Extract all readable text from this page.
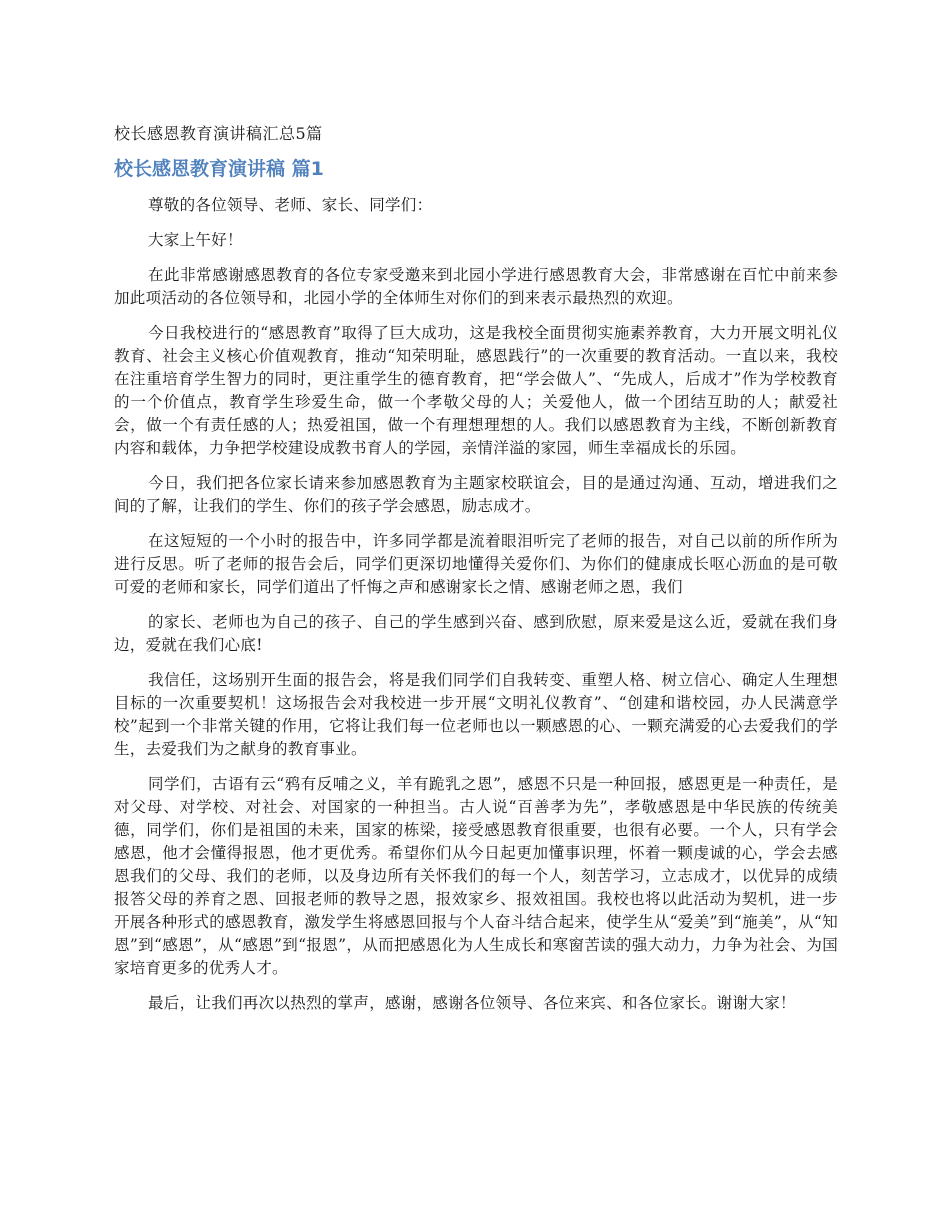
校长感恩教育演讲稿汇总5篇
校长感恩教育演讲稿 篇1

尊敬的各位领导、老师、家长、同学们：

大家上午好！

在此非常感谢感恩教育的各位专家受邀来到北园小学进行感恩教育大会，非常感谢在百忙中前来参加此项活动的各位领导和，北园小学的全体师生对你们的到来表示最热烈的欢迎。

今日我校进行的“感恩教育”取得了巨大成功，这是我校全面贯彻实施素养教育，大力开展文明礼仪教育、社会主义核心价值观教育，推动“知荣明耻，感恩践行”的一次重要的教育活动。一直以来，我校在注重培育学生智力的同时，更注重学生的德育教育，把“学会做人”、“先成人，后成才”作为学校教育的一个价值点，教育学生珍爱生命，做一个孝敬父母的人；关爱他人，做一个团结互助的人；献爱社会，做一个有责任感的人；热爱祖国，做一个有理想理想的人。我们以感恩教育为主线，不断创新教育内容和载体，力争把学校建设成教书育人的学园，亲情洋溢的家园，师生幸福成长的乐园。

今日，我们把各位家长请来参加感恩教育为主题家校联谊会，目的是通过沟通、互动，增进我们之间的了解，让我们的学生、你们的孩子学会感恩，励志成才。

在这短短的一个小时的报告中，许多同学都是流着眼泪听完了老师的报告，对自己以前的所作所为进行反思。听了老师的报告会后，同学们更深切地懂得关爱你们、为你们的健康成长呕心沥血的是可敬可爱的老师和家长，同学们道出了忏悔之声和感谢家长之情、感谢老师之恩，我们

的家长、老师也为自己的孩子、自己的学生感到兴奋、感到欣慰，原来爱是这么近，爱就在我们身边，爱就在我们心底!

我信任，这场别开生面的报告会，将是我们同学们自我转变、重塑人格、树立信心、确定人生理想目标的一次重要契机！这场报告会对我校进一步开展“文明礼仪教育”、“创建和谐校园，办人民满意学校”起到一个非常关键的作用，它将让我们每一位老师也以一颗感恩的心、一颗充满爱的心去爱我们的学生，去爱我们为之献身的教育事业。

同学们，古语有云“鸦有反哺之义，羊有跪乳之恩”，感恩不只是一种回报，感恩更是一种责任，是对父母、对学校、对社会、对国家的一种担当。古人说“百善孝为先”，孝敬感恩是中华民族的传统美德，同学们，你们是祖国的未来，国家的栋梁，接受感恩教育很重要，也很有必要。一个人，只有学会感恩，他才会懂得报恩，他才更优秀。希望你们从今日起更加懂事识理，怀着一颗虔诚的心，学会去感恩我们的父母、我们的老师，以及身边所有关怀我们的每一个人，刻苦学习，立志成才，以优异的成绩报答父母的养育之恩、回报老师的教导之恩，报效家乡、报效祖国。我校也将以此活动为契机，进一步开展各种形式的感恩教育，激发学生将感恩回报与个人奋斗结合起来，使学生从“爱美”到“施美”，从“知恩”到“感恩”，从“感恩”到“报恩”，从而把感恩化为人生成长和寒窗苦读的强大动力，力争为社会、为国家培育更多的优秀人才。

最后，让我们再次以热烈的掌声，感谢，感谢各位领导、各位来宾、和各位家长。谢谢大家！
